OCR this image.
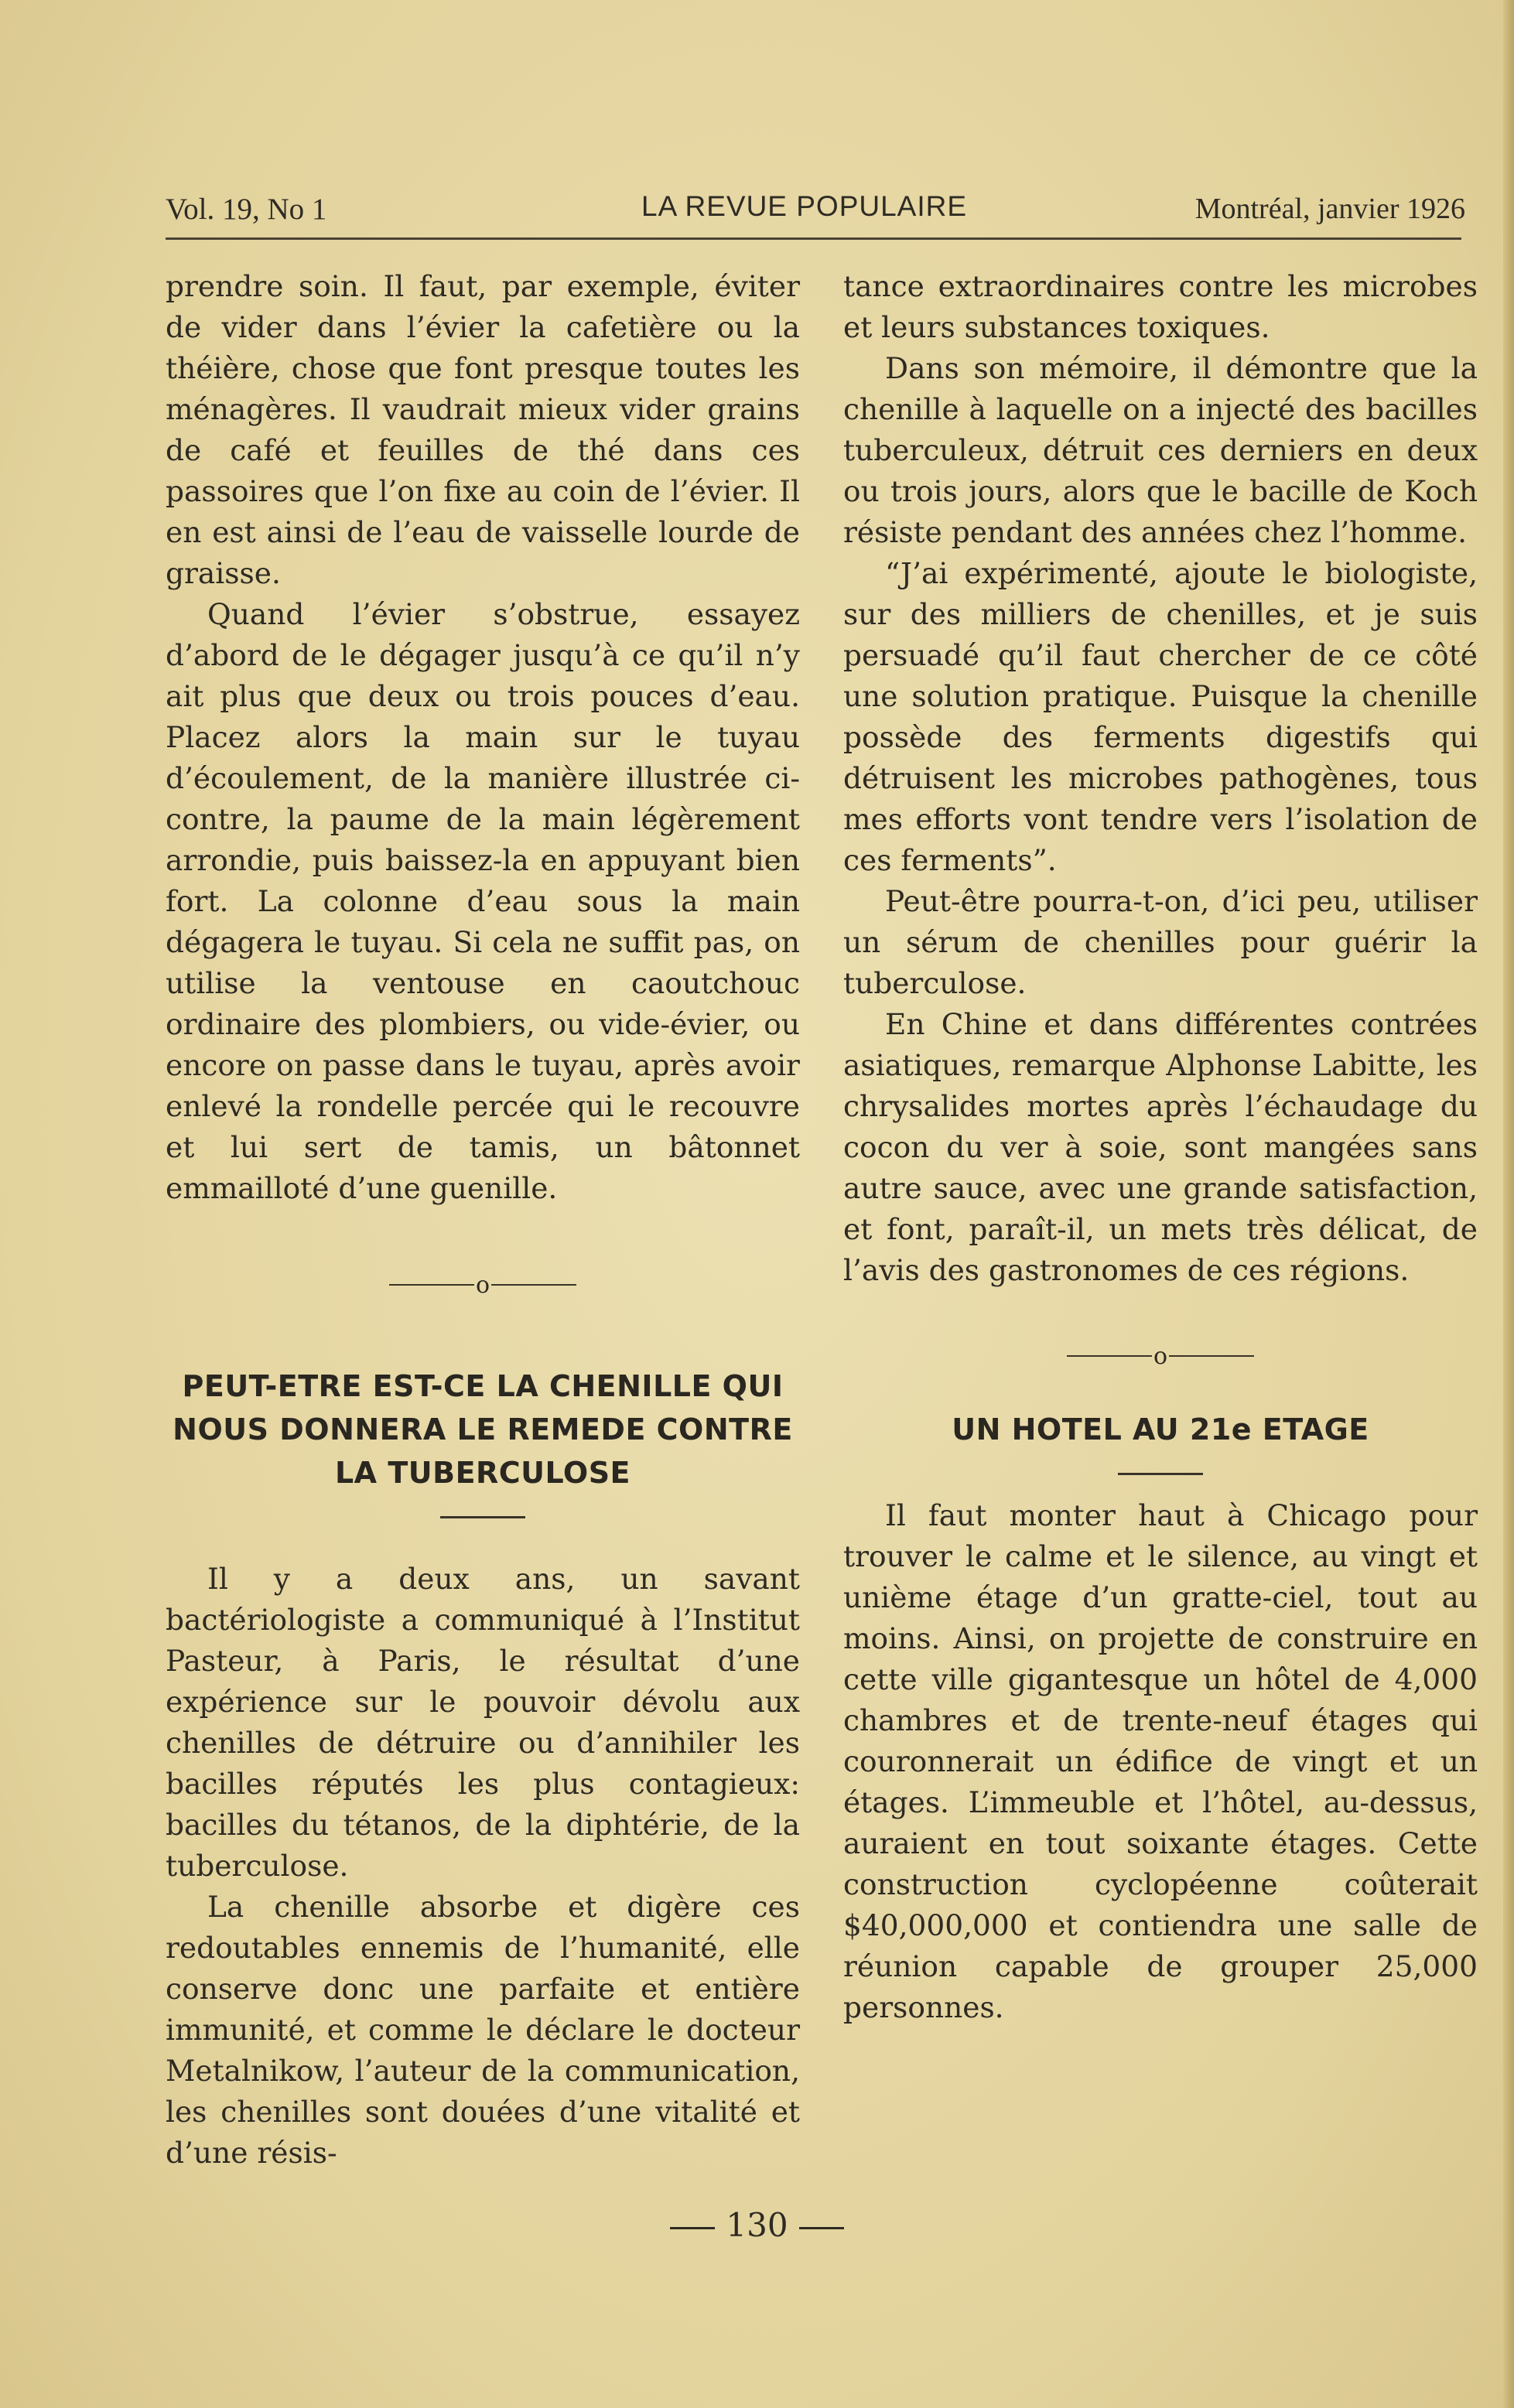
Vol. 19, No 1	LA REVUE POPULAIRE	Montréal, janvier 1926

prendre soin. Il faut, par exemple, éviter de vider dans l’évier la cafetière ou la théière, chose que font presque toutes les ménagères. Il vaudrait mieux vider grains de café et feuilles de thé dans ces passoires que l’on fixe au coin de l’évier. Il en est ainsi de l’eau de vaisselle lourde de graisse.

Quand l’évier s’obstrue, essayez d’abord de le dégager jusqu’à ce qu’il n’y ait plus que deux ou trois pouces d’eau. Placez alors la main sur le tuyau d’écoulement, de la manière illustrée ci-contre, la paume de la main légèrement arrondie, puis baissez-la en appuyant bien fort. La colonne d’eau sous la main dégagera le tuyau. Si cela ne suffit pas, on utilise la ventouse en caoutchouc ordinaire des plombiers, ou vide-évier, ou encore on passe dans le tuyau, après avoir enlevé la rondelle percée qui le recouvre et lui sert de tamis, un bâtonnet emmailloté d’une guenille.

o
PEUT-ETRE EST-CE LA CHENILLE QUI NOUS DONNERA LE REMEDE CONTRE LA TUBERCULOSE

Il y a deux ans, un savant bactériologiste a communiqué à l’Institut Pasteur, à Paris, le résultat d’une expérience sur le pouvoir dévolu aux chenilles de détruire ou d’annihiler les bacilles réputés les plus contagieux: bacilles du tétanos, de la diphtérie, de la tuberculose.

La chenille absorbe et digère ces redoutables ennemis de l’humanité, elle conserve donc une parfaite et entière immunité, et comme le déclare le docteur Metalnikow, l’auteur de la communication, les chenilles sont douées d’une vitalité et d’une résis-

tance extraordinaires contre les microbes et leurs substances toxiques.

Dans son mémoire, il démontre que la chenille à laquelle on a injecté des bacilles tuberculeux, détruit ces derniers en deux ou trois jours, alors que le bacille de Koch résiste pendant des années chez l’homme.

“J’ai expérimenté, ajoute le biologiste, sur des milliers de chenilles, et je suis persuadé qu’il faut chercher de ce côté une solution pratique. Puisque la chenille possède des ferments digestifs qui détruisent les microbes pathogènes, tous mes efforts vont tendre vers l’isolation de ces ferments”.

Peut-être pourra-t-on, d’ici peu, utiliser un sérum de chenilles pour guérir la tuberculose.

En Chine et dans différentes contrées asiatiques, remarque Alphonse Labitte, les chrysalides mortes après l’échaudage du cocon du ver à soie, sont mangées sans autre sauce, avec une grande satisfaction, et font, paraît-il, un mets très délicat, de l’avis des gastronomes de ces régions.

o
UN HOTEL AU 21e ETAGE

Il faut monter haut à Chicago pour trouver le calme et le silence, au vingt et unième étage d’un gratte-ciel, tout au moins. Ainsi, on projette de construire en cette ville gigantesque un hôtel de 4,000 chambres et de trente-neuf étages qui couronnerait un édifice de vingt et un étages. L’immeuble et l’hôtel, au-dessus, auraient en tout soixante étages. Cette construction cyclopéenne coûterait $40,000,000 et contiendra une salle de réunion capable de grouper 25,000 personnes.

130
